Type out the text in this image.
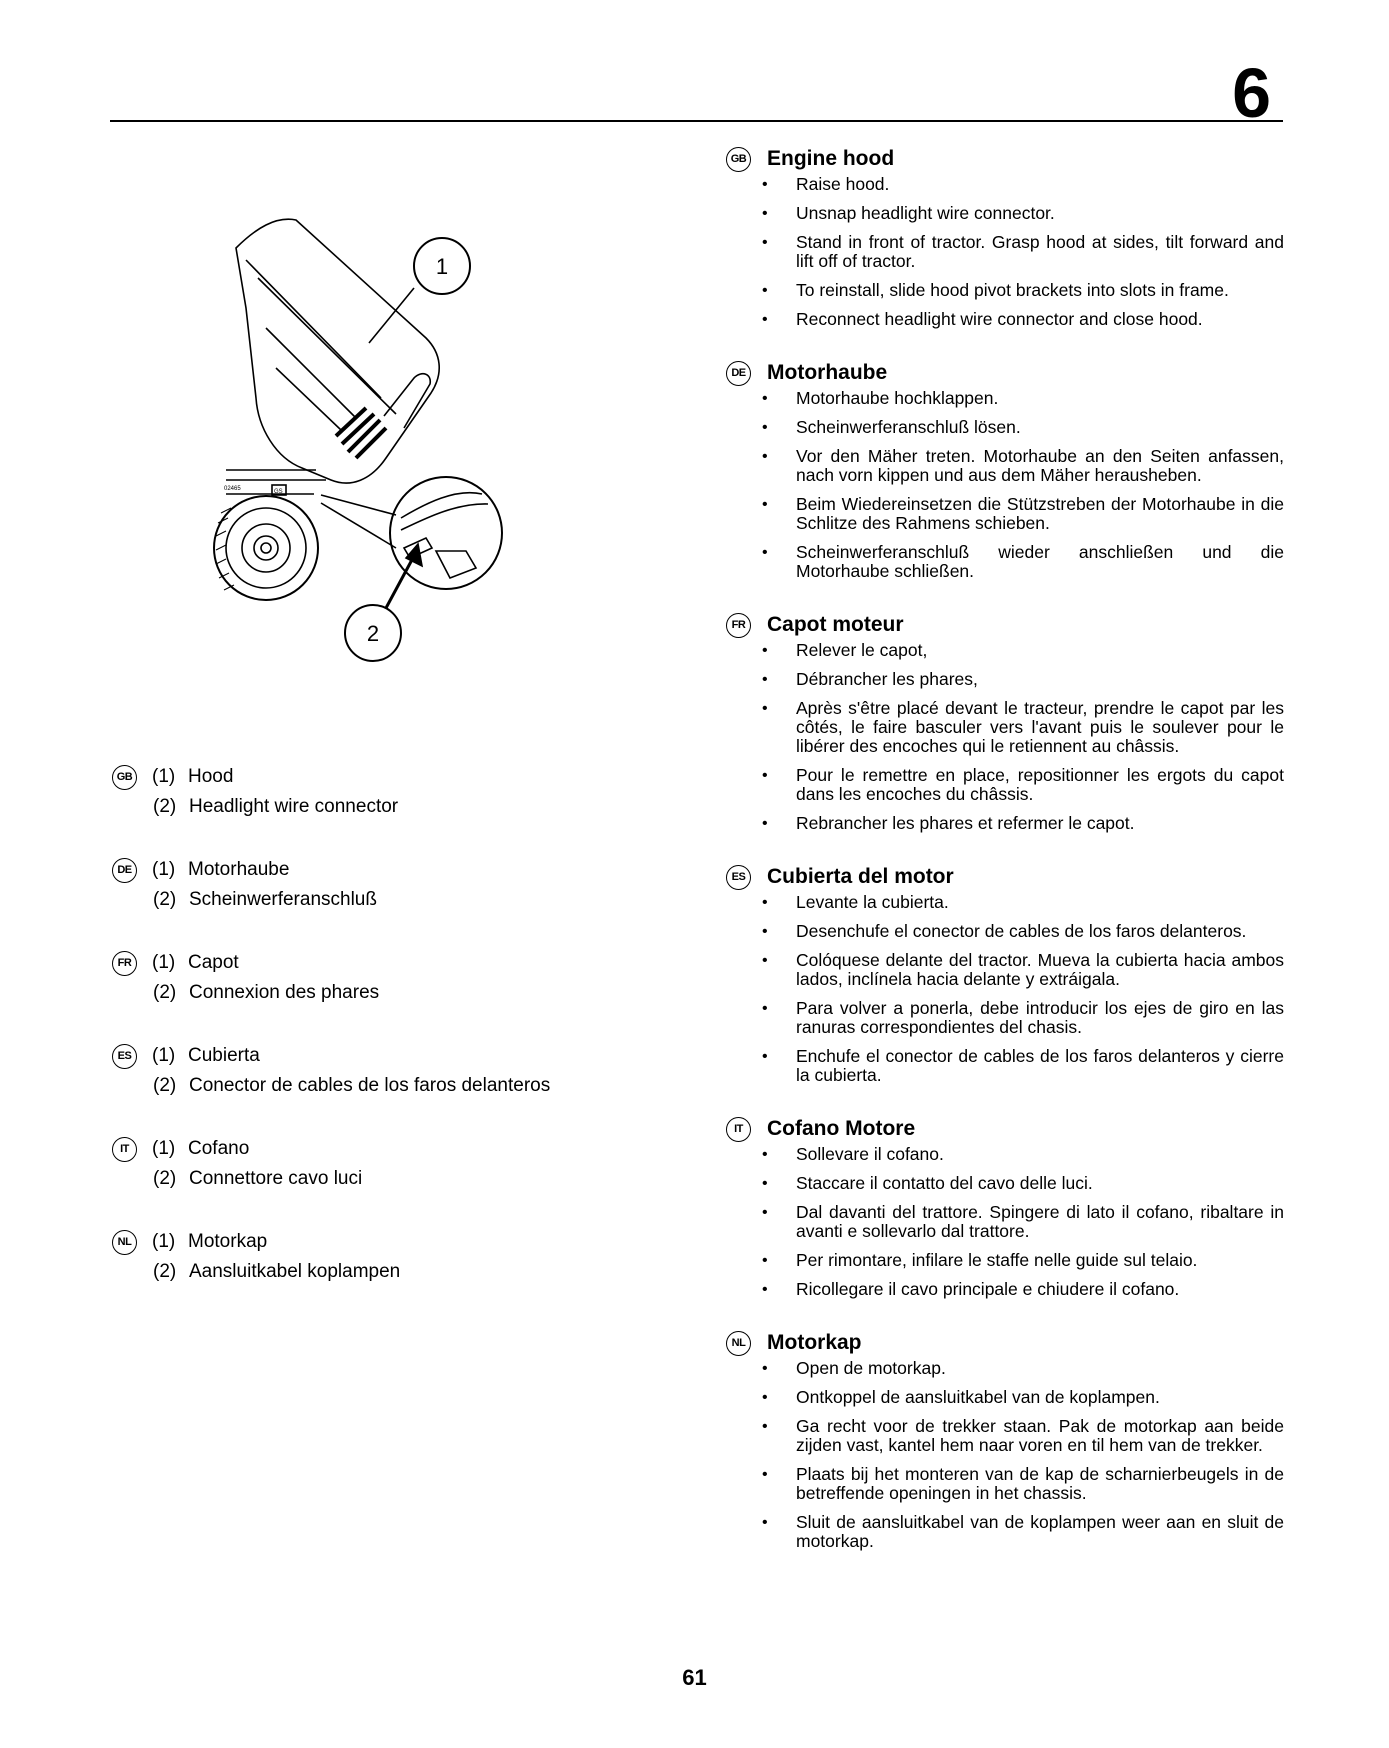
6
1
2
02465	GS
GB (1) Hood
(2) Headlight wire connector
DE (1) Motorhaube
(2) Scheinwerferanschluß
FR (1) Capot
(2) Connexion des phares
ES (1) Cubierta
(2) Conector de cables de los faros delanteros
IT	(1) Cofano
(2) Connettore cavo luci
NL (1) Motorkap
(2) Aansluitkabel koplampen
GB Engine hood
• Raise hood.
• Unsnap headlight wire connector.
• Stand in front of tractor. Grasp hood at sides, tilt forward and lift off of tractor.
• To reinstall, slide hood pivot brackets into slots in frame.
• Reconnect headlight wire connector and close hood.
DE Motorhaube
• Motorhaube hochklappen.
• Scheinwerferanschluß lösen.
• Vor den Mäher treten. Motorhaube an den Seiten anfassen, nach vorn kippen und aus dem Mäher herausheben.
• Beim Wiedereinsetzen die Stützstreben der Motorhaube in die Schlitze des Rahmens schieben.
• Scheinwerferanschluß wieder anschließen und die Motorhaube schließen.
FR Capot moteur
• Relever le capot,
• Débrancher les phares,
• Après s'être placé devant le tracteur, prendre le capot par les côtés, le faire basculer vers l'avant puis le soulever pour le libérer des encoches qui le retiennent au châssis.
• Pour le remettre en place, repositionner les ergots du capot dans les encoches du châssis.
• Rebrancher les phares et refermer le capot.
ES Cubierta del motor
• Levante la cubierta.
• Desenchufe el conector de cables de los faros delanteros.
• Colóquese delante del tractor. Mueva la cubierta hacia ambos lados, inclínela hacia delante y extráigala.
• Para volver a ponerla, debe introducir los ejes de giro en las ranuras correspondientes del chasis.
• Enchufe el conector de cables de los faros delanteros y cierre la cubierta.
IT	Cofano Motore
• Sollevare il cofano.
• Staccare il contatto del cavo delle luci.
• Dal davanti del trattore. Spingere di lato il cofano, ribaltare in avanti e sollevarlo dal trattore.
• Per rimontare, infilare le staffe nelle guide sul telaio.
• Ricollegare il cavo principale e chiudere il cofano.
NL Motorkap
• Open de motorkap.
• Ontkoppel de aansluitkabel van de koplampen.
• Ga recht voor de trekker staan. Pak de motorkap aan beide zijden vast, kantel hem naar voren en til hem van de trekker.
• Plaats bij het monteren van de kap de scharnierbeugels in de betreffende openingen in het chassis.
• Sluit de aansluitkabel van de koplampen weer aan en sluit de motorkap.
61
